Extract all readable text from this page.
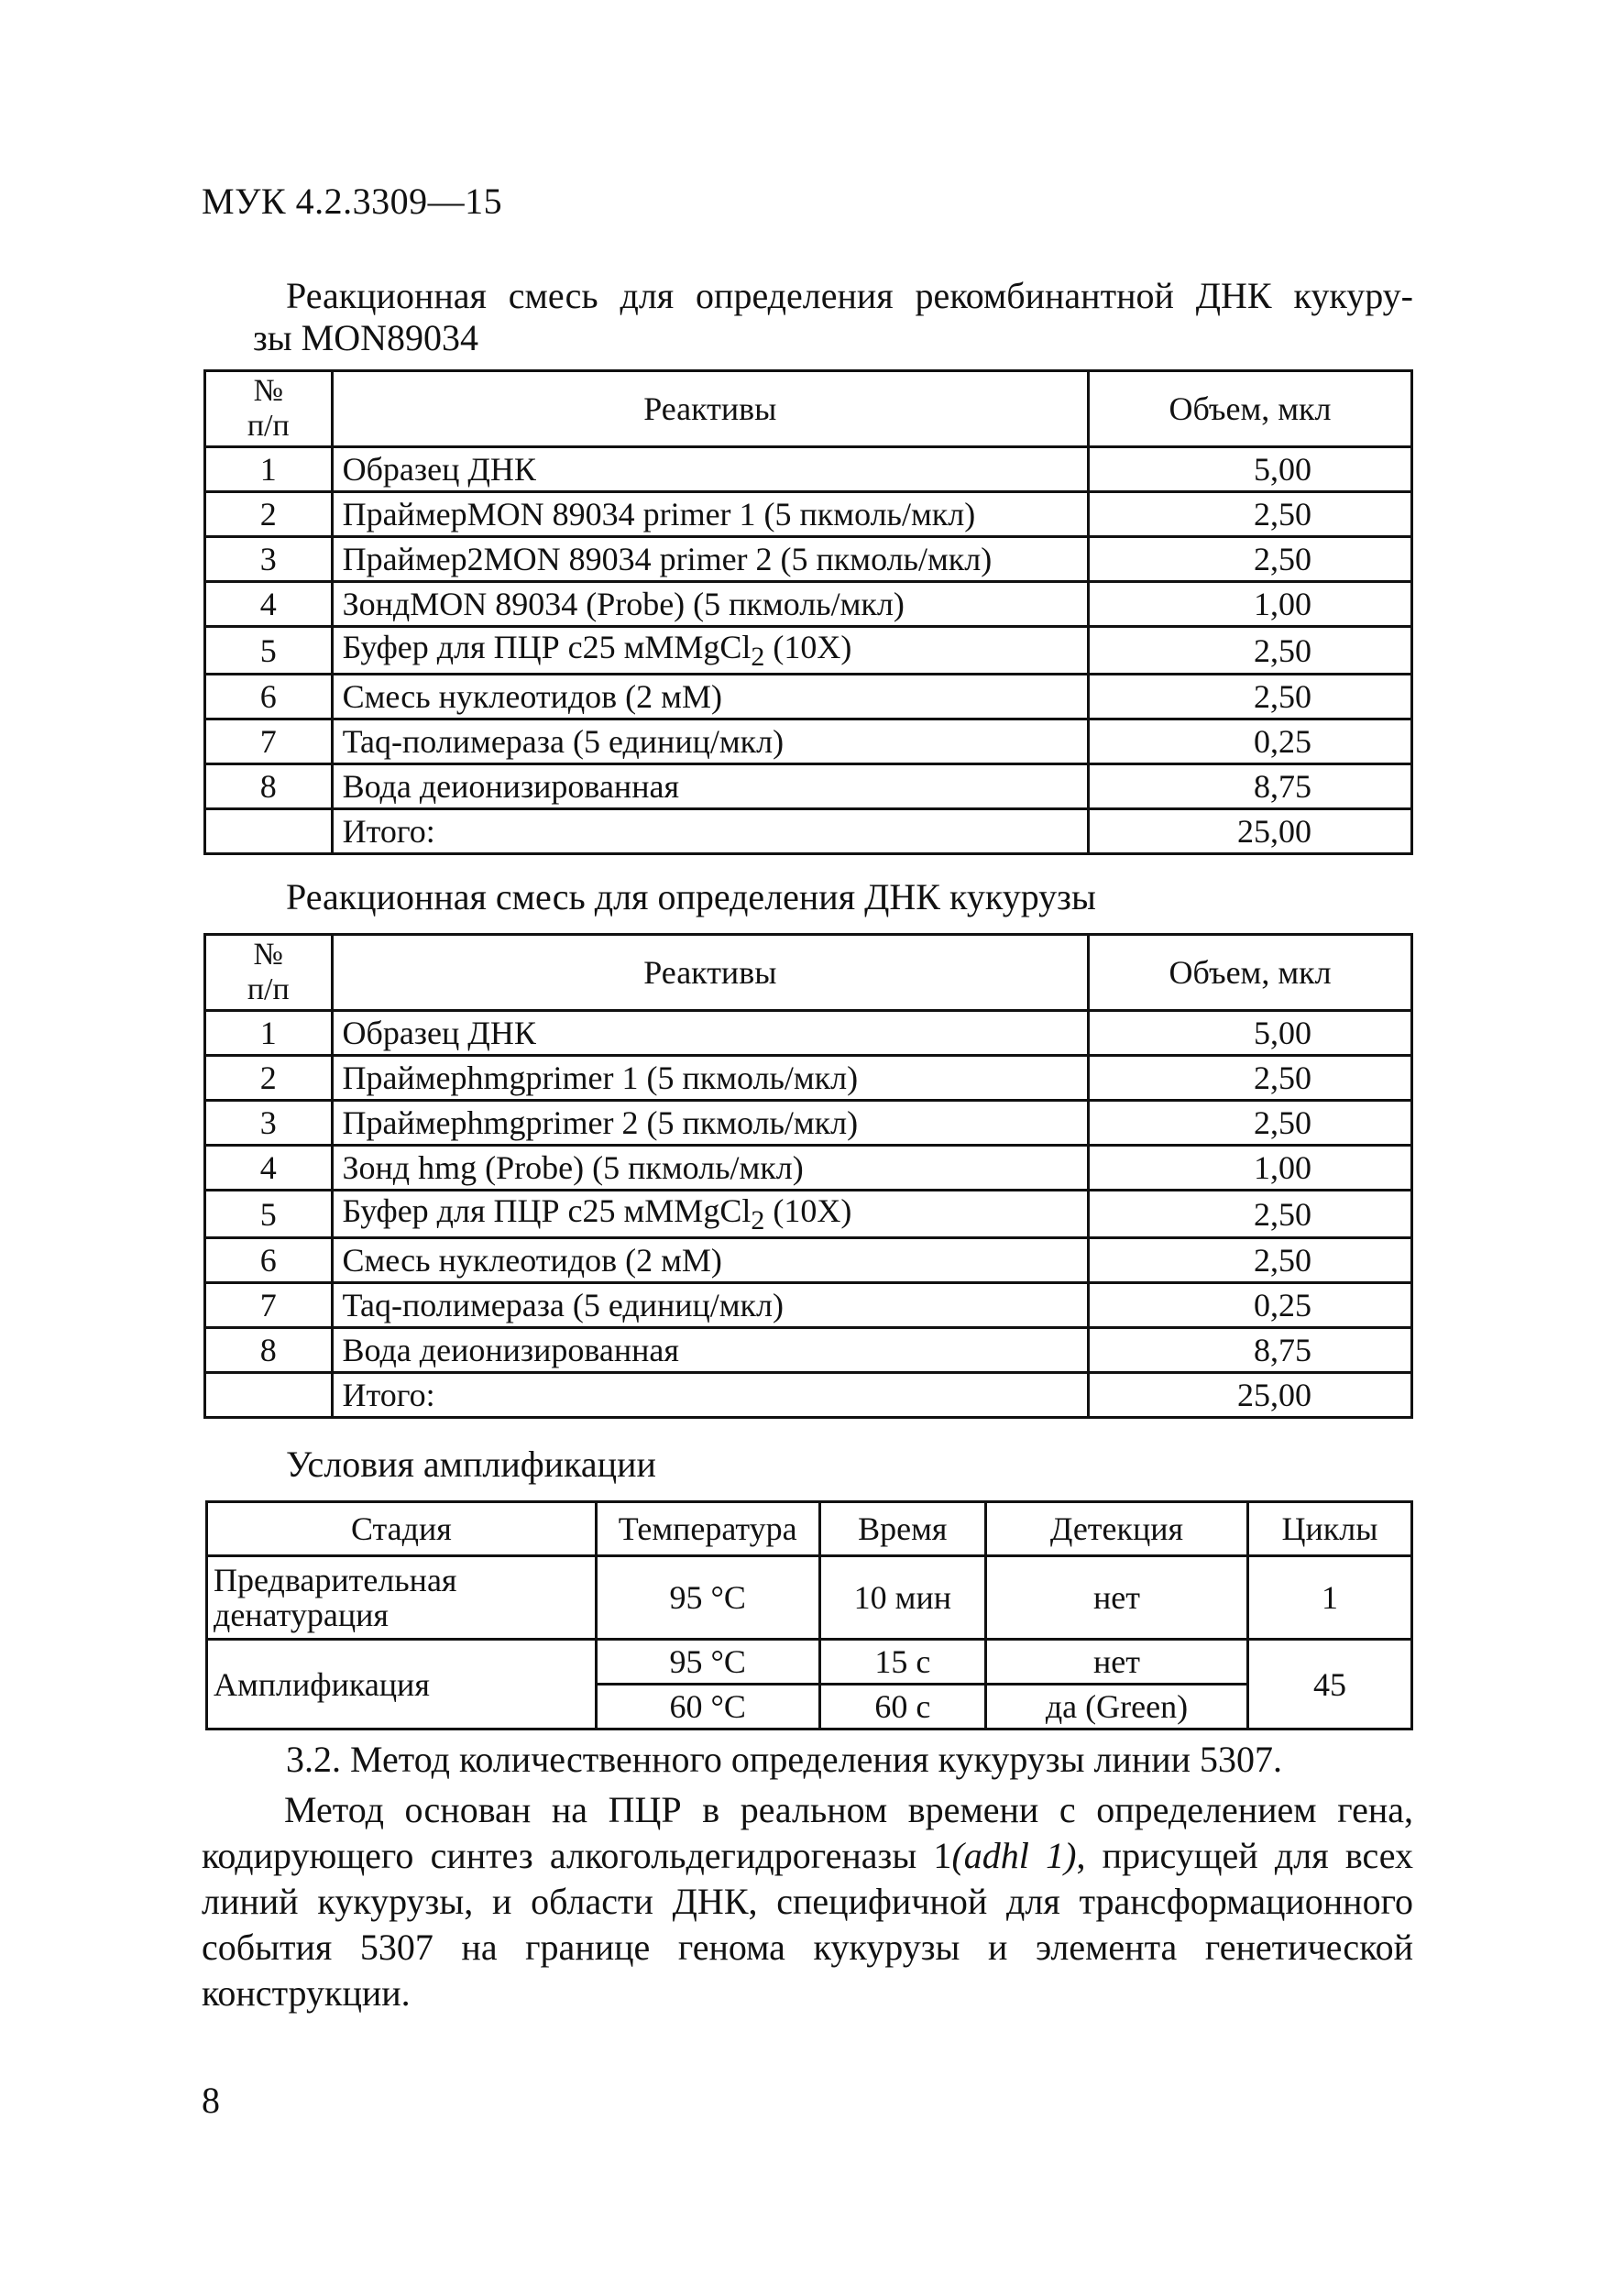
МУК 4.2.3309—15
Реакционная смесь для определения рекомбинантной ДНК кукуру-
зы MON89034
№
п/п	Реактивы	Объем, мкл
1	Образец ДНК	5,00
2	ПраймерMON 89034 primer 1 (5 пкмоль/мкл)	2,50
3	Праймер2MON 89034 primer 2 (5 пкмоль/мкл)	2,50
4	ЗондMON 89034 (Probe) (5 пкмоль/мкл)	1,00
5	Буфер для ПЦР с25 мММgCl$_2$ (10X)	2,50
6	Смесь нуклеотидов (2 мМ)	2,50
7	Taq-полимераза (5 единиц/мкл)	0,25
8	Вода деионизированная	8,75
	Итого:	25,00
Реакционная смесь для определения ДНК кукурузы
№
п/п	Реактивы	Объем, мкл
1	Образец ДНК	5,00
2	Праймерhmgprimer 1 (5 пкмоль/мкл)	2,50
3	Праймерhmgprimer 2 (5 пкмоль/мкл)	2,50
4	Зонд hmg (Probe) (5 пкмоль/мкл)	1,00
5	Буфер для ПЦР с25 мММgCl$_2$ (10X)	2,50
6	Смесь нуклеотидов (2 мМ)	2,50
7	Taq-полимераза (5 единиц/мкл)	0,25
8	Вода деионизированная	8,75
	Итого:	25,00
Условия амплификации
Стадия	Температура	Время	Детекция	Циклы
Предварительная
денатурация	95 °С	10 мин	нет	1
Амплификация	95 °С	15 с	нет	45
	60 °С	60 с	да (Green)	
3.2. Метод количественного определения кукурузы линии 5307.
Метод основан на ПЦР в реальном времени с определением гена, кодирующего синтез алкогольдегидрогеназы 1(adhl 1), присущей для всех линий кукурузы, и области ДНК, специфичной для трансформационного события 5307 на границе генома кукурузы и элемента генетической конструкции.
8
